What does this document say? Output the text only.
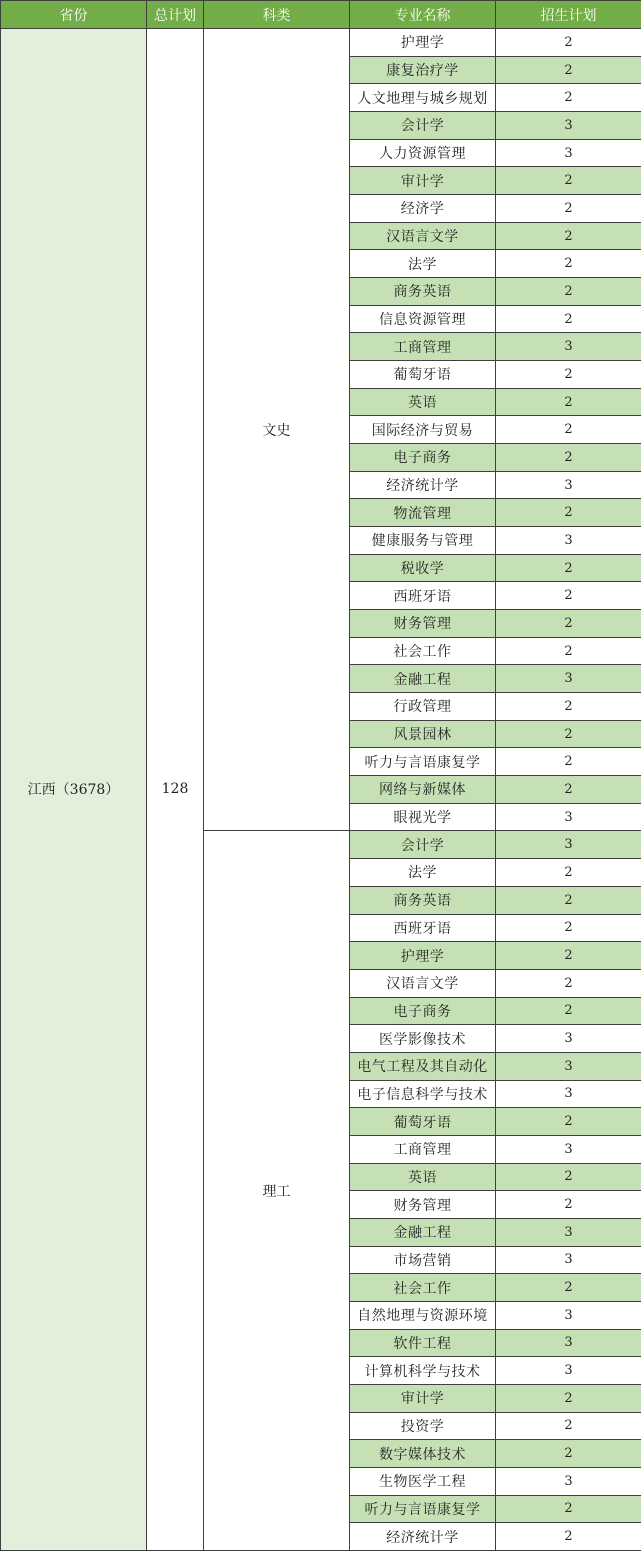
省份	总计划	科类	专业名称	招生计划
江西（3678）	128	文史	护理学	2
			康复治疗学	2
			人文地理与城乡规划	2
			会计学	3
			人力资源管理	3
			审计学	2
			经济学	2
			汉语言文学	2
			法学	2
			商务英语	2
			信息资源管理	2
			工商管理	3
			葡萄牙语	2
			英语	2
			国际经济与贸易	2
			电子商务	2
			经济统计学	3
			物流管理	2
			健康服务与管理	3
			税收学	2
			西班牙语	2
			财务管理	2
			社会工作	2
			金融工程	3
			行政管理	2
			风景园林	2
			听力与言语康复学	2
			网络与新媒体	2
			眼视光学	3
		理工	会计学	3
			法学	2
			商务英语	2
			西班牙语	2
			护理学	2
			汉语言文学	2
			电子商务	2
			医学影像技术	3
			电气工程及其自动化	3
			电子信息科学与技术	3
			葡萄牙语	2
			工商管理	3
			英语	2
			财务管理	2
			金融工程	3
			市场营销	3
			社会工作	2
			自然地理与资源环境	3
			软件工程	3
			计算机科学与技术	3
			审计学	2
			投资学	2
			数字媒体技术	2
			生物医学工程	3
			听力与言语康复学	2
			经济统计学	2
